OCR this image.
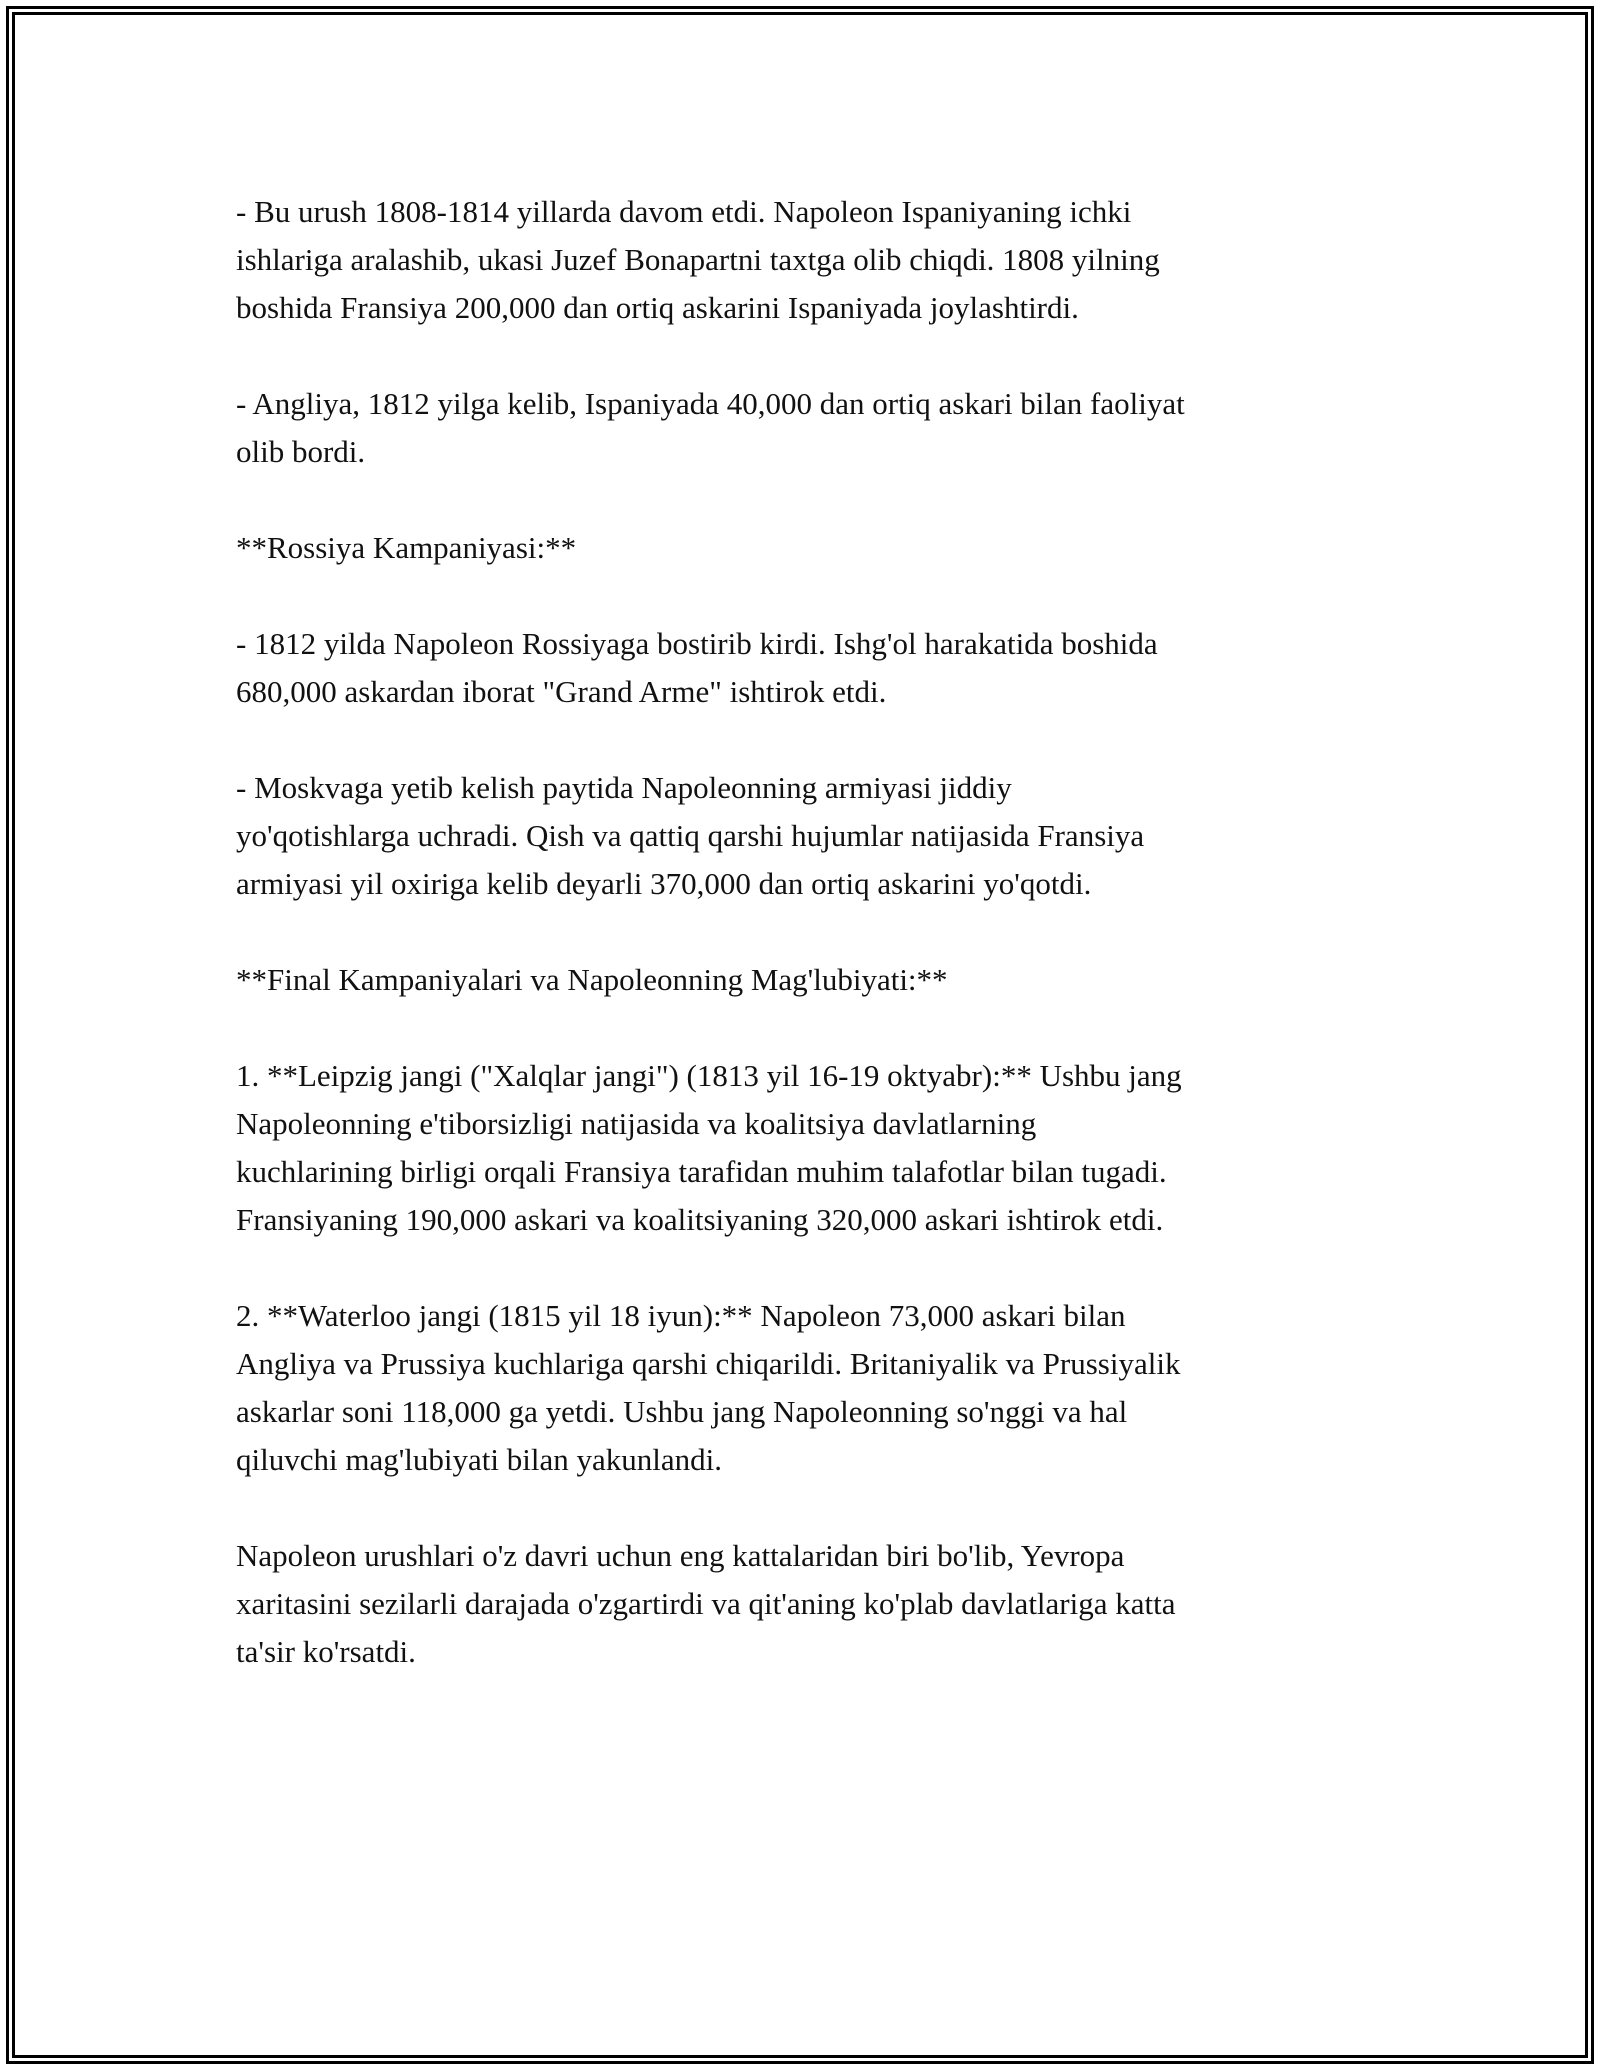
- Bu urush 1808-1814 yillarda davom etdi. Napoleon Ispaniyaning ichki
ishlariga aralashib, ukasi Juzef Bonapartni taxtga olib chiqdi. 1808 yilning
boshida Fransiya 200,000 dan ortiq askarini Ispaniyada joylashtirdi.

- Angliya, 1812 yilga kelib, Ispaniyada 40,000 dan ortiq askari bilan faoliyat
olib bordi.

**Rossiya Kampaniyasi:**

- 1812 yilda Napoleon Rossiyaga bostirib kirdi. Ishg'ol harakatida boshida
680,000 askardan iborat "Grand Arme" ishtirok etdi.

- Moskvaga yetib kelish paytida Napoleonning armiyasi jiddiy
yo'qotishlarga uchradi. Qish va qattiq qarshi hujumlar natijasida Fransiya
armiyasi yil oxiriga kelib deyarli 370,000 dan ortiq askarini yo'qotdi.

**Final Kampaniyalari va Napoleonning Mag'lubiyati:**

1. **Leipzig jangi ("Xalqlar jangi") (1813 yil 16-19 oktyabr):** Ushbu jang
Napoleonning e'tiborsizligi natijasida va koalitsiya davlatlarning
kuchlarining birligi orqali Fransiya tarafidan muhim talafotlar bilan tugadi.
Fransiyaning 190,000 askari va koalitsiyaning 320,000 askari ishtirok etdi.

2. **Waterloo jangi (1815 yil 18 iyun):** Napoleon 73,000 askari bilan
Angliya va Prussiya kuchlariga qarshi chiqarildi. Britaniyalik va Prussiyalik
askarlar soni 118,000 ga yetdi. Ushbu jang Napoleonning so'nggi va hal
qiluvchi mag'lubiyati bilan yakunlandi.

Napoleon urushlari o'z davri uchun eng kattalaridan biri bo'lib, Yevropa
xaritasini sezilarli darajada o'zgartirdi va qit'aning ko'plab davlatlariga katta
ta'sir ko'rsatdi.
